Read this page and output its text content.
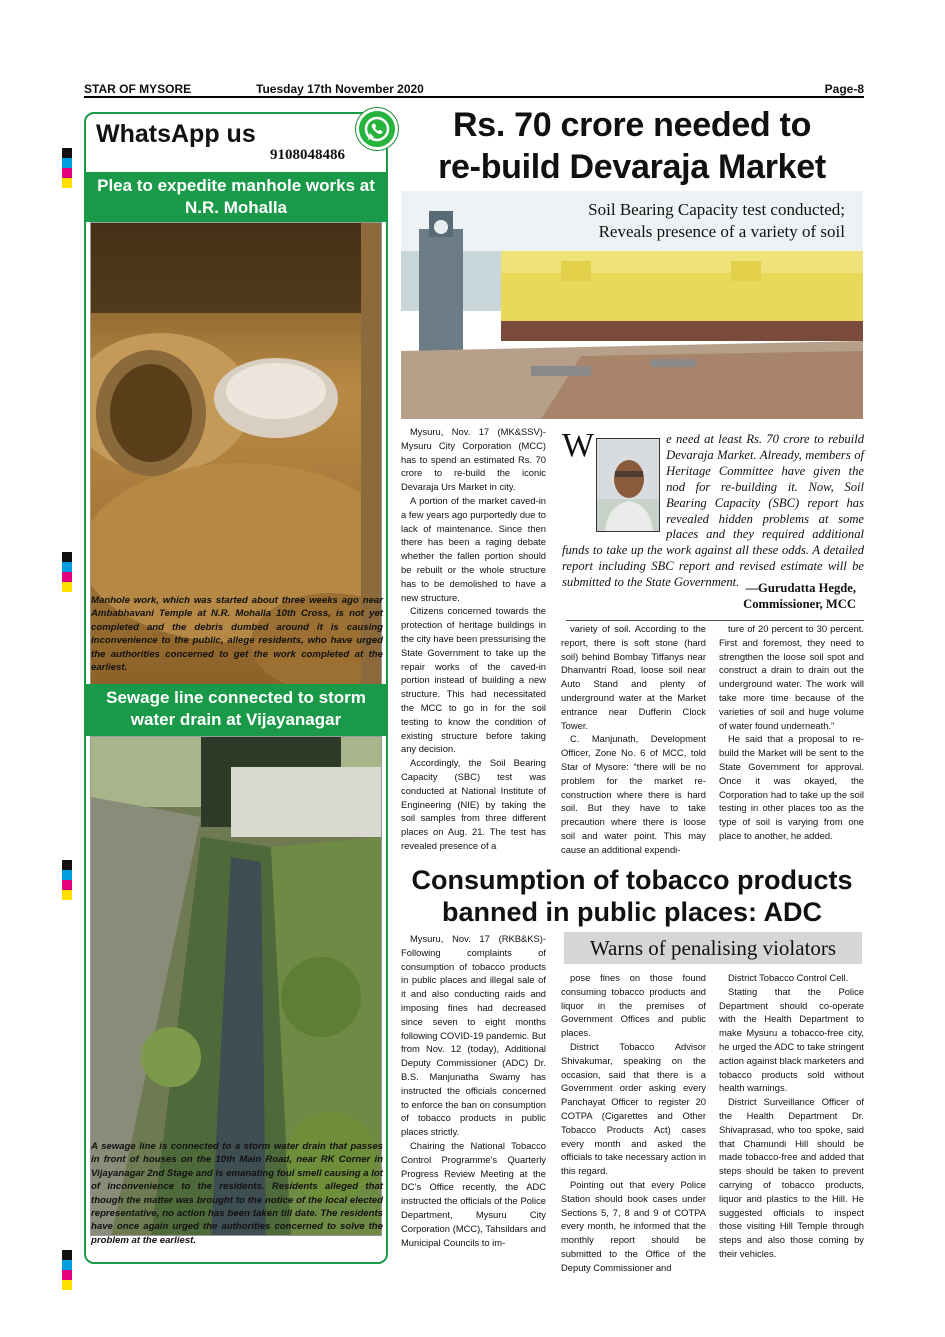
STAR OF MYSORE	Tuesday 17th November 2020	Page-8
WhatsApp us
9108048486
Plea to expedite manhole works at N.R. Mohalla
Manhole work, which was started about three weeks ago near Ambabhavani Temple at N.R. Mohalla 10th Cross, is not yet completed and the debris dumbed around it is causing inconvenience to the public, allege residents, who have urged the authorities concerned to get the work completed at the earliest.
Sewage line connected to storm water drain at Vijayanagar
A sewage line is connected to a storm water drain that passes in front of houses on the 10th Main Road, near RK Corner in Vijayanagar 2nd Stage and is emanating foul smell causing a lot of inconvenience to the residents. Residents alleged that though the matter was brought to the notice of the local elected representative, no action has been taken till date. The residents have once again urged the authorities concerned to solve the problem at the earliest.
Rs. 70 crore needed to
re-build Devaraja Market
Soil Bearing Capacity test conducted;
Reveals presence of a variety of soil

Mysuru, Nov. 17 (MK&SSV)- Mysuru City Corporation (MCC) has to spend an estimated Rs. 70 crore to re-build the iconic Devaraja Urs Market in city.

A portion of the market caved-in a few years ago purportedly due to lack of maintenance. Since then there has been a raging debate whether the fallen portion should be rebuilt or the whole structure has to be demolished to have a new structure.

Citizens concerned towards the protection of heritage buildings in the city have been pressurising the State Government to take up the repair works of the caved-in portion instead of building a new structure. This had necessitated the MCC to go in for the soil testing to know the condition of existing structure before taking any decision.

Accordingly, the Soil Bearing Capacity (SBC) test was conducted at National Institute of Engineering (NIE) by taking the soil samples from three different places on Aug. 21. The test has revealed presence of a

W	e need at least Rs. 70 crore to rebuild Devaraja Market. Already, members of Heritage Committee have given the nod for re-building it. Now, Soil Bearing Capacity (SBC) report has revealed hidden problems at some places and they required additional funds to take up the work against all these odds. A detailed report including SBC report and revised estimate will be submitted to the State Government. —Gurudatta Hegde,
Commissioner, MCC

variety of soil. According to the report, there is soft stone (hard soil) behind Bombay Tiffanys near Dhanvantri Road, loose soil near Auto Stand and plenty of underground water at the Market entrance near Dufferin Clock Tower.

C. Manjunath, Development Officer, Zone No. 6 of MCC, told Star of Mysore: “there will be no problem for the market re-construction where there is hard soil. But they have to take precaution where there is loose soil and water point. This may cause an additional expendi-

ture of 20 percent to 30 percent. First and foremost, they need to strengthen the loose soil spot and construct a drain to drain out the underground water. The work will take more time because of the varieties of soil and huge volume of water found underneath.”

He said that a proposal to re-build the Market will be sent to the State Government for approval. Once it was okayed, the Corporation had to take up the soil testing in other places too as the type of soil is varying from one place to another, he added.

Consumption of tobacco products
banned in public places: ADC
Warns of penalising violators

Mysuru, Nov. 17 (RKB&KS)- Following complaints of consumption of tobacco products in public places and illegal sale of it and also conducting raids and imposing fines had decreased since seven to eight months following COVID-19 pandemic. But from Nov. 12 (today), Additional Deputy Commissioner (ADC) Dr. B.S. Manjunatha Swamy has instructed the officials concerned to enforce the ban on consumption of tobacco products in public places strictly.

Chairing the National Tobacco Control Programme’s Quarterly Progress Review Meeting at the DC’s Office recently, the ADC instructed the officials of the Police Department, Mysuru City Corporation (MCC), Tahsildars and Municipal Councils to im-

pose fines on those found consuming tobacco products and liquor in the premises of Government Offices and public places.

District Tobacco Advisor Shivakumar, speaking on the occasion, said that there is a Government order asking every Panchayat Officer to register 20 COTPA (Cigarettes and Other Tobacco Products Act) cases every month and asked the officials to take necessary action in this regard.

Pointing out that every Police Station should book cases under Sections 5, 7, 8 and 9 of COTPA every month, he informed that the monthly report should be submitted to the Office of the Deputy Commissioner and

District Tobacco Control Cell.

Stating that the Police Department should co-operate with the Health Department to make Mysuru a tobacco-free city, he urged the ADC to take stringent action against black marketers and tobacco products sold without health warnings.

District Surveillance Officer of the Health Department Dr. Shivaprasad, who too spoke, said that Chamundi Hill should be made tobacco-free and added that steps should be taken to prevent carrying of tobacco products, liquor and plastics to the Hill. He suggested officials to inspect those visiting Hill Temple through steps and also those coming by their vehicles.
